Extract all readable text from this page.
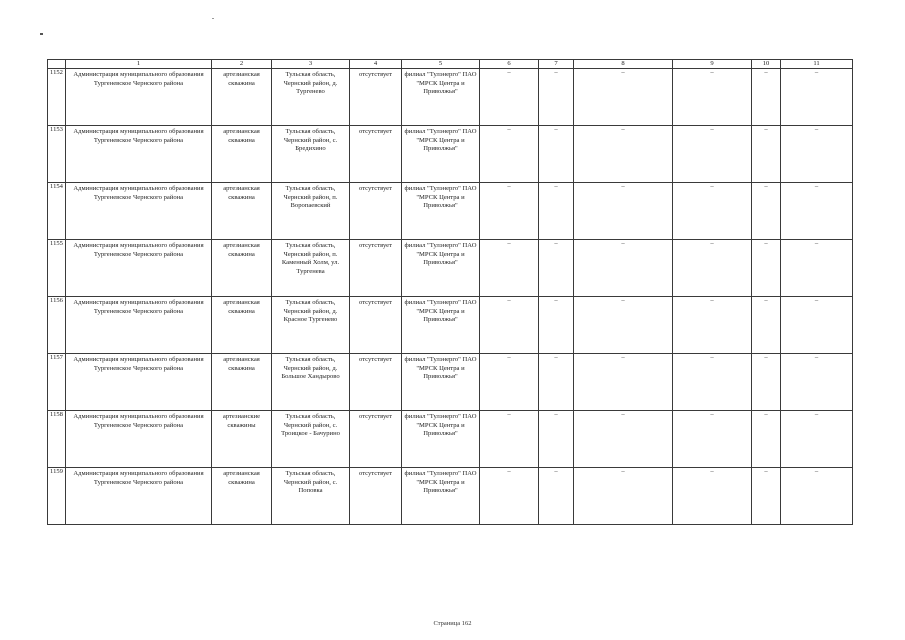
	1	2	3	4	5	6	7	8	9	10	11
1152	Администрация муниципального образования Тургеневское Чернского района	артезианская скважина	Тульская область, Чернский район, д. Тургенево	отсутствует	филиал "Тулэнерго" ПАО "МРСК Центра и Приволжья"	–	–	–	–	–	–
1153	Администрация муниципального образования Тургеневское Чернского района	артезианская скважина	Тульская область, Чернский район, с. Бредихино	отсутствует	филиал "Тулэнерго" ПАО "МРСК Центра и Приволжья"	–	–	–	–	–	–
1154	Администрация муниципального образования Тургеневское Чернского района	артезианская скважина	Тульская область, Чернский район, п. Воропаевский	отсутствует	филиал "Тулэнерго" ПАО "МРСК Центра и Приволжья"	–	–	–	–	–	–
1155	Администрация муниципального образования Тургеневское Чернского района	артезианская скважина	Тульская область, Чернский район, п. Каменный Холм, ул. Тургенева	отсутствует	филиал "Тулэнерго" ПАО "МРСК Центра и Приволжья"	–	–	–	–	–	–
1156	Администрация муниципального образования Тургеневское Чернского района	артезианская скважина	Тульская область, Чернский район, д. Красное Тургенево	отсутствует	филиал "Тулэнерго" ПАО "МРСК Центра и Приволжья"	–	–	–	–	–	–
1157	Администрация муниципального образования Тургеневское Чернского района	артезианская скважина	Тульская область, Чернский район, д. Большое Хандырово	отсутствует	филиал "Тулэнерго" ПАО "МРСК Центра и Приволжья"	–	–	–	–	–	–
1158	Администрация муниципального образования Тургеневское Чернского района	артезианские скважины	Тульская область, Чернский район, с. Троицкое - Бачурино	отсутствует	филиал "Тулэнерго" ПАО "МРСК Центра и Приволжья"	–	–	–	–	–	–
1159	Администрация муниципального образования Тургеневское Чернского района	артезианская скважина	Тульская область, Чернский район, с. Поповка	отсутствует	филиал "Тулэнерго" ПАО "МРСК Центра и Приволжья"	–	–	–	–	–	–
Страница 162
